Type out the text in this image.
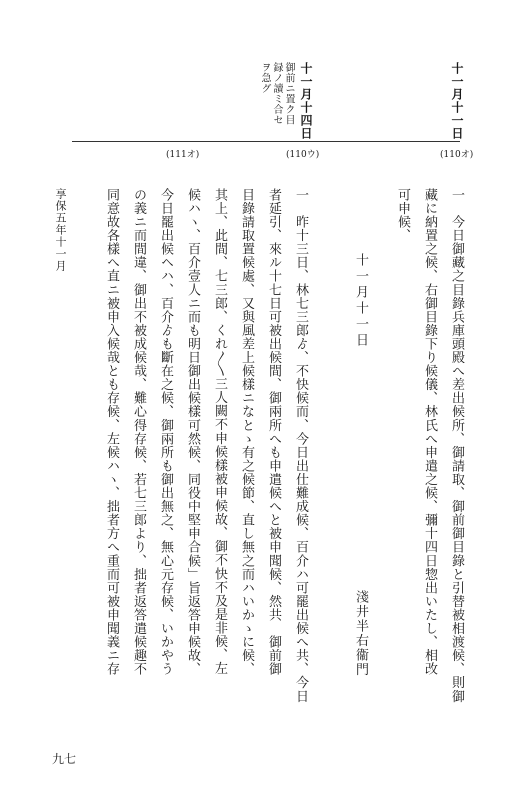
十一月十一日
十一月十四日
御前ニ置ク目
録ノ讀ミ合セ
ヲ急グ
(110オ)
(110ウ)
(111オ)
一　今日御藏之目錄兵庫頭殿へ差出候所、御請取、御前御目錄と引替被相渡候、則御
藏に納置之候、右御目錄下り候儀、林氏へ申遣之候、彌十四日惣出いたし、相改
可申候、
十一月十一日
淺井半右衞門
一　昨十三日、林七三郎ゟ、不快候而、今日出仕難成候、百介ハ可罷出候へ共、今日
者延引、來ル十七日可被出候間、御兩所へも申遣候へと被申聞候、然共　御前御
目錄請取置候處、又與風差上候樣ニなとゝ有之候節、直し無之而ハいかゝに候、
其上、此間、七三郎、くれ〳〵三人闕不申候樣被申候故、御不快不及是非候、左
候ハヽ、百介壹人ニ而も明日御出候樣可然候、同役中堅申合候」旨返答申候故、
今日罷出候ヘハ、百介ゟも斷在之候、御兩所も御出無之、無心元存候、いかやう
の義ニ而間違、御出不被成候哉、難心得存候、若七三郎より、拙者返答遣候趣不
同意故各樣へ直ニ被申入候哉とも存候、左候ハヽ、拙者方へ重而可被申聞義ニ存
享保五年十一月
九七
